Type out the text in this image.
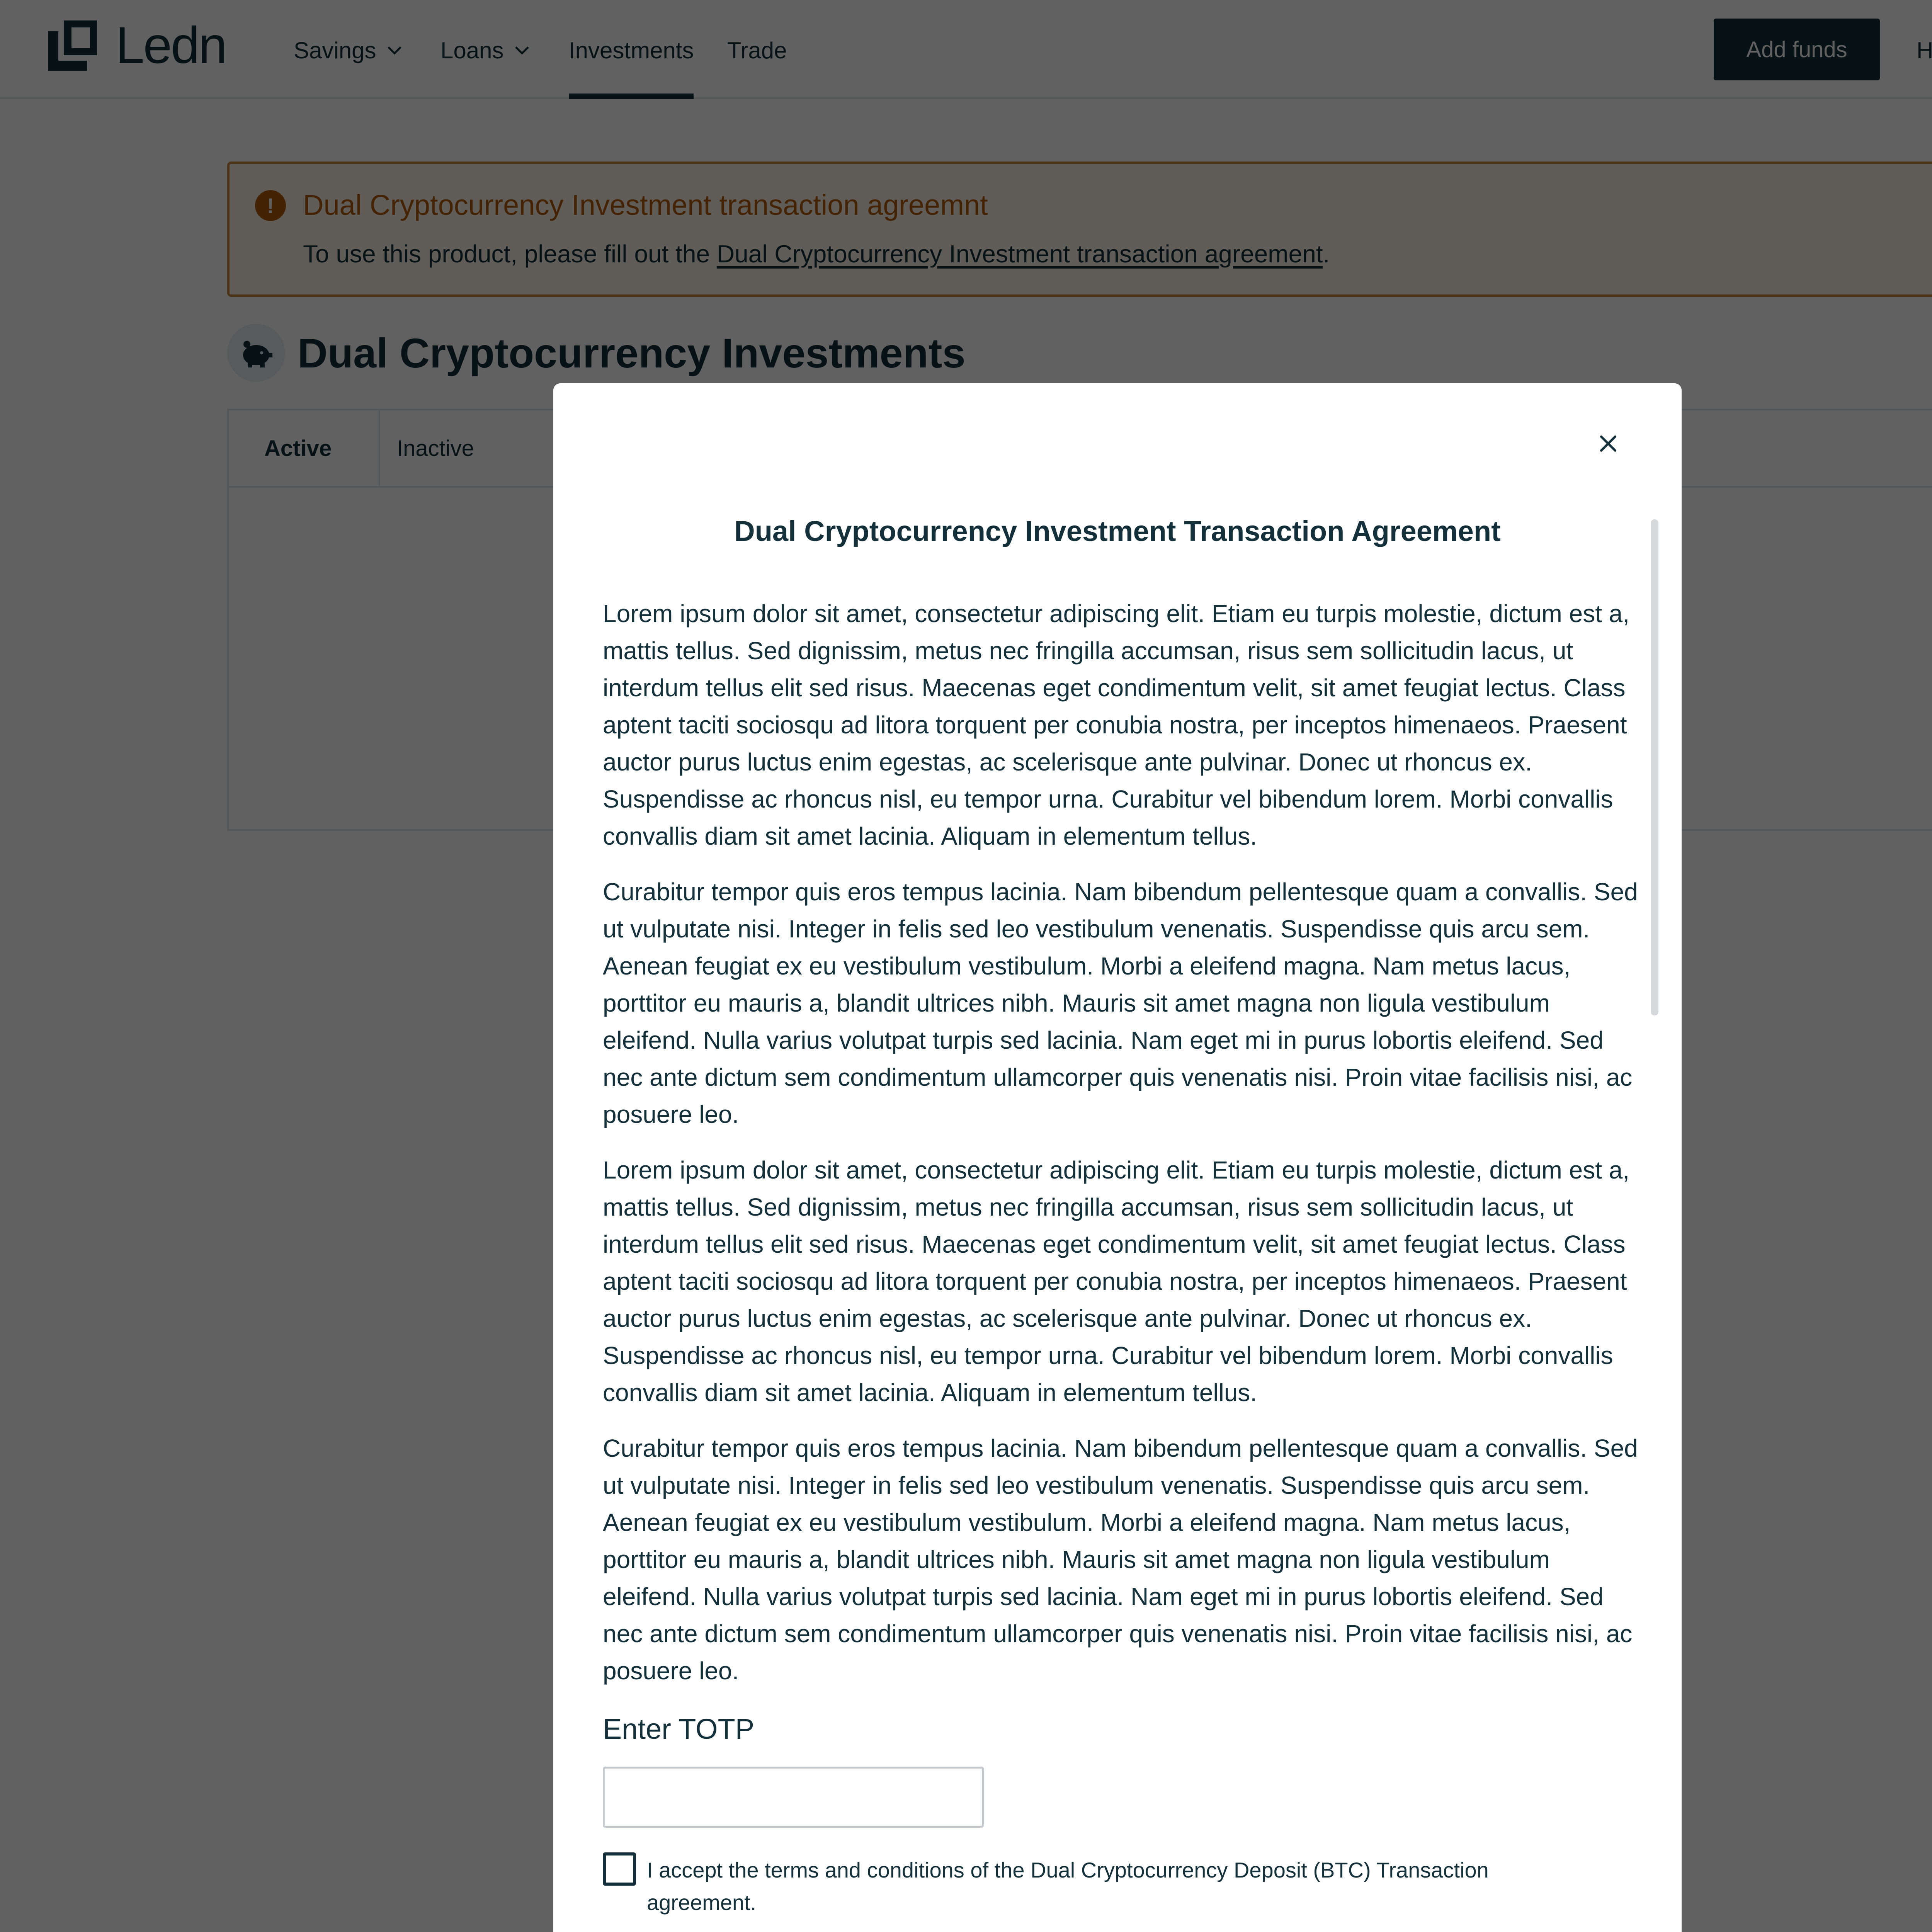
Dual Cryptocurrency Investment Transaction Agreement

Lorem ipsum dolor sit amet, consectetur adipiscing elit. Etiam eu turpis molestie, dictum est a, mattis tellus. Sed dignissim, metus nec fringilla accumsan, risus sem sollicitudin lacus, ut interdum tellus elit sed risus. Maecenas eget condimentum velit, sit amet feugiat lectus. Class aptent taciti sociosqu ad litora torquent per conubia nostra, per inceptos himenaeos. Praesent auctor purus luctus enim egestas, ac scelerisque ante pulvinar. Donec ut rhoncus ex. Suspendisse ac rhoncus nisl, eu tempor urna. Curabitur vel bibendum lorem. Morbi convallis convallis diam sit amet lacinia. Aliquam in elementum tellus.

Curabitur tempor quis eros tempus lacinia. Nam bibendum pellentesque quam a convallis. Sed ut vulputate nisi. Integer in felis sed leo vestibulum venenatis. Suspendisse quis arcu sem. Aenean feugiat ex eu vestibulum vestibulum. Morbi a eleifend magna. Nam metus lacus, porttitor eu mauris a, blandit ultrices nibh. Mauris sit amet magna non ligula vestibulum eleifend. Nulla varius volutpat turpis sed lacinia. Nam eget mi in purus lobortis eleifend. Sed nec ante dictum sem condimentum ullamcorper quis venenatis nisi. Proin vitae facilisis nisi, ac posuere leo.

Lorem ipsum dolor sit amet, consectetur adipiscing elit. Etiam eu turpis molestie, dictum est a, mattis tellus. Sed dignissim, metus nec fringilla accumsan, risus sem sollicitudin lacus, ut interdum tellus elit sed risus. Maecenas eget condimentum velit, sit amet feugiat lectus. Class aptent taciti sociosqu ad litora torquent per conubia nostra, per inceptos himenaeos. Praesent auctor purus luctus enim egestas, ac scelerisque ante pulvinar. Donec ut rhoncus ex. Suspendisse ac rhoncus nisl, eu tempor urna. Curabitur vel bibendum lorem. Morbi convallis convallis diam sit amet lacinia. Aliquam in elementum tellus.

Curabitur tempor quis eros tempus lacinia. Nam bibendum pellentesque quam a convallis. Sed ut vulputate nisi. Integer in felis sed leo vestibulum venenatis. Suspendisse quis arcu sem. Aenean feugiat ex eu vestibulum vestibulum. Morbi a eleifend magna. Nam metus lacus, porttitor eu mauris a, blandit ultrices nibh. Mauris sit amet magna non ligula vestibulum eleifend. Nulla varius volutpat turpis sed lacinia. Nam eget mi in purus lobortis eleifend. Sed nec ante dictum sem condimentum ullamcorper quis venenatis nisi. Proin vitae facilisis nisi, ac posuere leo.

Enter TOTP
I accept the terms and conditions of the Dual Cryptocurrency Deposit (BTC) Transaction agreement.
